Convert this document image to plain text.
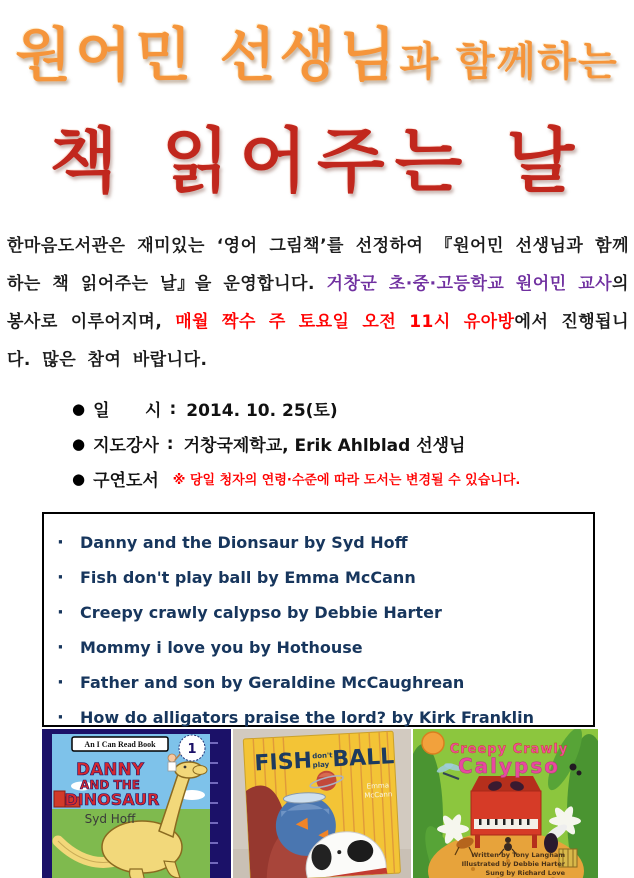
원어민 선생님과 함께하는
책 읽어주는 날

한마음도서관은 재미있는 ‘영어 그림책’를 선정하여 『원어민 선생님과 함께하는 책 읽어주는 날』을 운영합니다. 거창군 초·중·고등학교 원어민 교사의 봉사로 이루어지며, 매월 짝수 주 토요일 오전 11시 유아방에서 진행됩니다. 많은 참여 바랍니다.

● 일      시 : 2014. 10. 25(토)
● 지도강사 : 거창국제학교, Erik Ahlblad 선생님
● 구연도서 ※ 당일 청자의 연령·수준에 따라 도서는 변경될 수 있습니다.
· Danny and the Dionsaur by Syd Hoff
· Fish don't play ball by Emma McCann
· Creepy crawly calypso by Debbie Harter
· Mommy i love you by Hothouse
· Father and son by Geraldine McCaughrean
· How do alligators praise the lord? by Kirk Franklin
An I Can Read Book 1
DANNY
AND THE
DINOSAUR
Syd Hoff
FISH don't
play BALL
Emma
McCann
Creepy Crawly
Calypso
Written by Tony Langham
Illustrated by Debbie Harter
Sung by Richard Love
